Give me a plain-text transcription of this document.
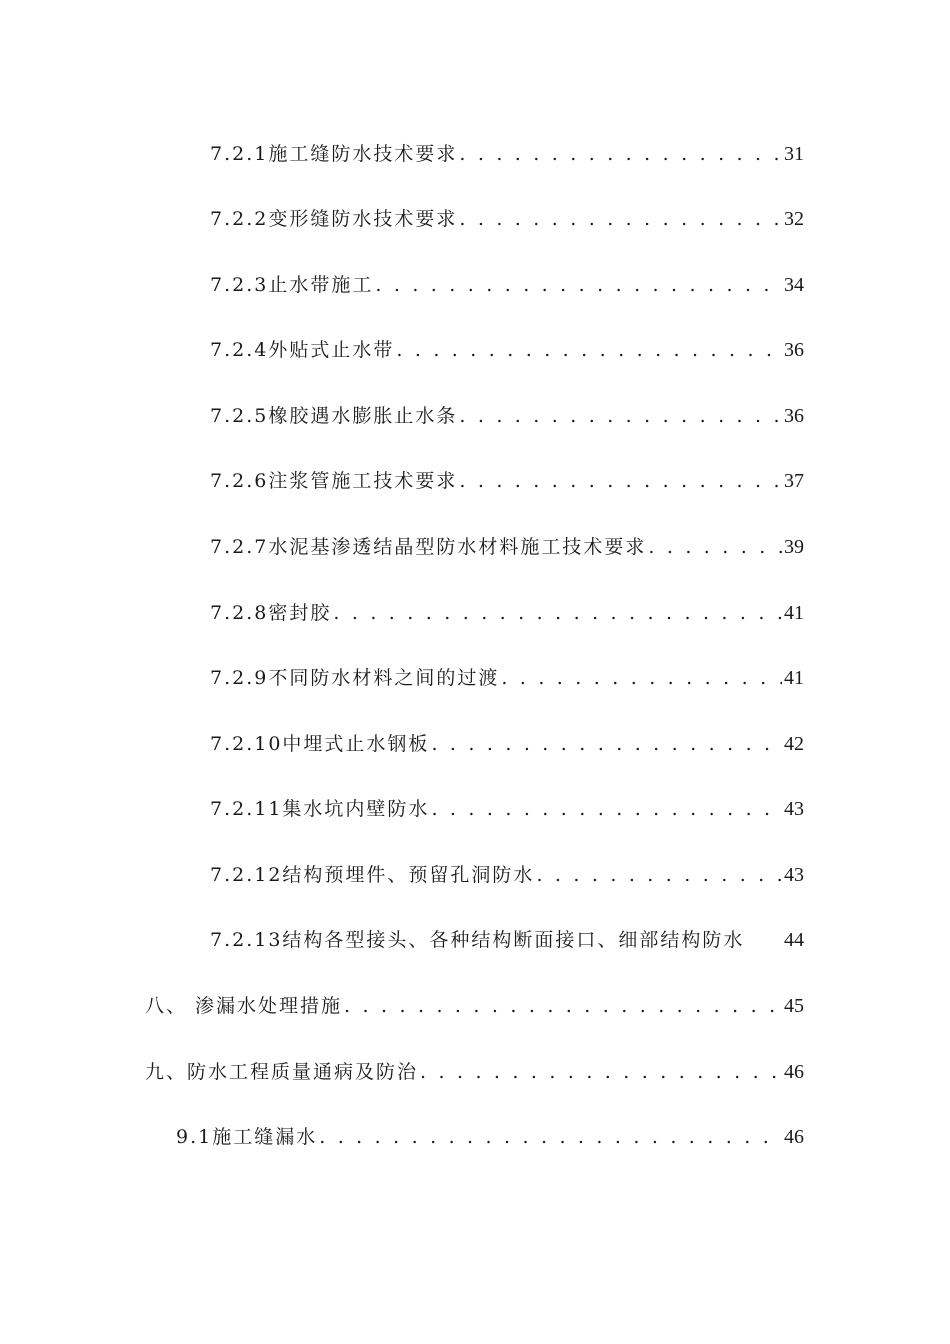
7.2.1施工缝防水技术要求 . . .	31
7.2.2变形缝防水技术要求 . . .	32
7.2.3止水带施工 . . .	34
7.2.4外贴式止水带 . . .	36
7.2.5橡胶遇水膨胀止水条 . . .	36
7.2.6注浆管施工技术要求 . . .	37
7.2.7水泥基渗透结晶型防水材料施工技术要求 . . .	39
7.2.8密封胶 . . .	41
7.2.9不同防水材料之间的过渡 . . .	41
7.2.10中埋式止水钢板 . . .	42
7.2.11集水坑内壁防水 . . .	43
7.2.12结构预埋件、预留孔洞防水 . . .	43
7.2.13结构各型接头、各种结构断面接口、细部结构防水 44
八、 渗漏水处理措施 . . .	45
九、防水工程质量通病及防治 . . .	46
9.1施工缝漏水 . . .	46
